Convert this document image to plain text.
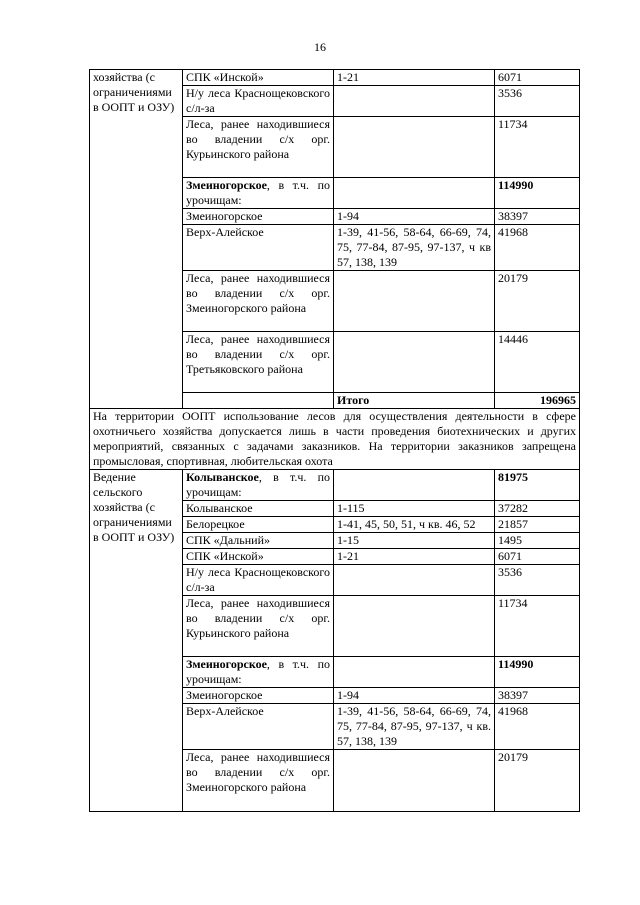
16
хозяйства (с ограничениями в ООПТ и ОЗУ)	СПК «Инской»	1-21	6071

	Н/у леса Краснощековского с/л-за		3536
	Леса, ранее находившиеся во владении с/х орг. Курьинского района		11734
	Змеиногорское, в т.ч. по урочищам:		114990
	Змеиногорское	1-94	38397
	Верх-Алейское	1-39, 41-56, 58-64, 66-69, 74, 75, 77-84, 87-95, 97-137, ч кв 57, 138, 139	41968
	Леса, ранее находившиеся во владении с/х орг. Змеиногорского района		20179
	Леса, ранее находившиеся во владении с/х орг. Третьяковского района		14446
		Итого	196965
На территории ООПТ использование лесов для осуществления деятельности в сфере охотничьего хозяйства допускается лишь в части проведения биотехнических и других мероприятий, связанных с задачами заказников. На территории заказников запрещена промысловая, спортивная, любительская охота			
Ведение сельского хозяйства (с ограничениями в ООПТ и ОЗУ)	Колыванское, в т.ч. по урочищам:		81975
	Колыванское	1-115	37282
	Белорецкое	1-41, 45, 50, 51, ч кв. 46, 52	21857
	СПК «Дальний»	1-15	1495
	СПК «Инской»	1-21	6071

	Н/у леса Краснощековского с/л-за		3536
	Леса, ранее находившиеся во владении с/х орг. Курьинского района		11734
	Змеиногорское, в т.ч. по урочищам:		114990
	Змеиногорское	1-94	38397
	Верх-Алейское	1-39, 41-56, 58-64, 66-69, 74, 75, 77-84, 87-95, 97-137, ч кв. 57, 138, 139	41968
	Леса, ранее находившиеся во владении с/х орг. Змеиногорского района		20179
